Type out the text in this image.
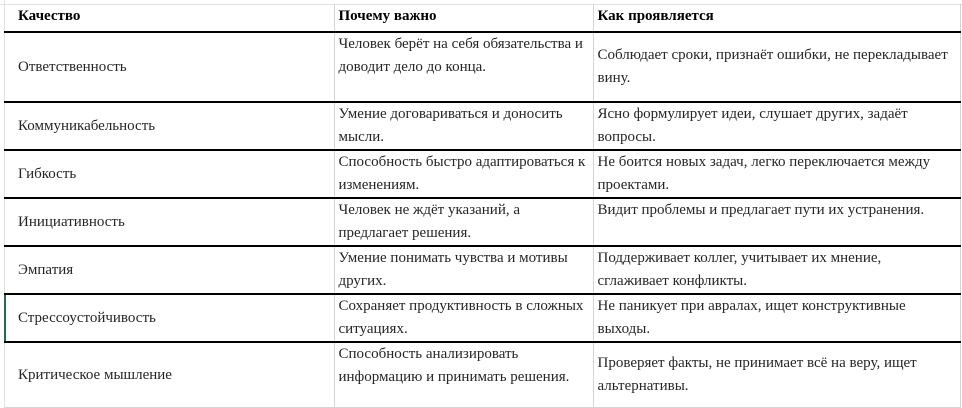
Качество	Почему важно	Как проявляется
Ответственность	Человек берёт на себя обязательства и доводит дело до конца.	Соблюдает сроки, признаёт ошибки, не перекладывает вину.
Коммуникабельность	Умение договариваться и доносить мысли.	Ясно формулирует идеи, слушает других, задаёт вопросы.
Гибкость	Способность быстро адаптироваться к изменениям.	Не боится новых задач, легко переключается между проектами.
Инициативность	Человек не ждёт указаний, а предлагает решения.	Видит проблемы и предлагает пути их устранения.
Эмпатия	Умение понимать чувства и мотивы других.	Поддерживает коллег, учитывает их мнение, сглаживает конфликты.
Стрессоустойчивость	Сохраняет продуктивность в сложных ситуациях.	Не паникует при авралах, ищет конструктивные выходы.
Критическое мышление	Способность анализировать информацию и принимать решения.	Проверяет факты, не принимает всё на веру, ищет альтернативы.
